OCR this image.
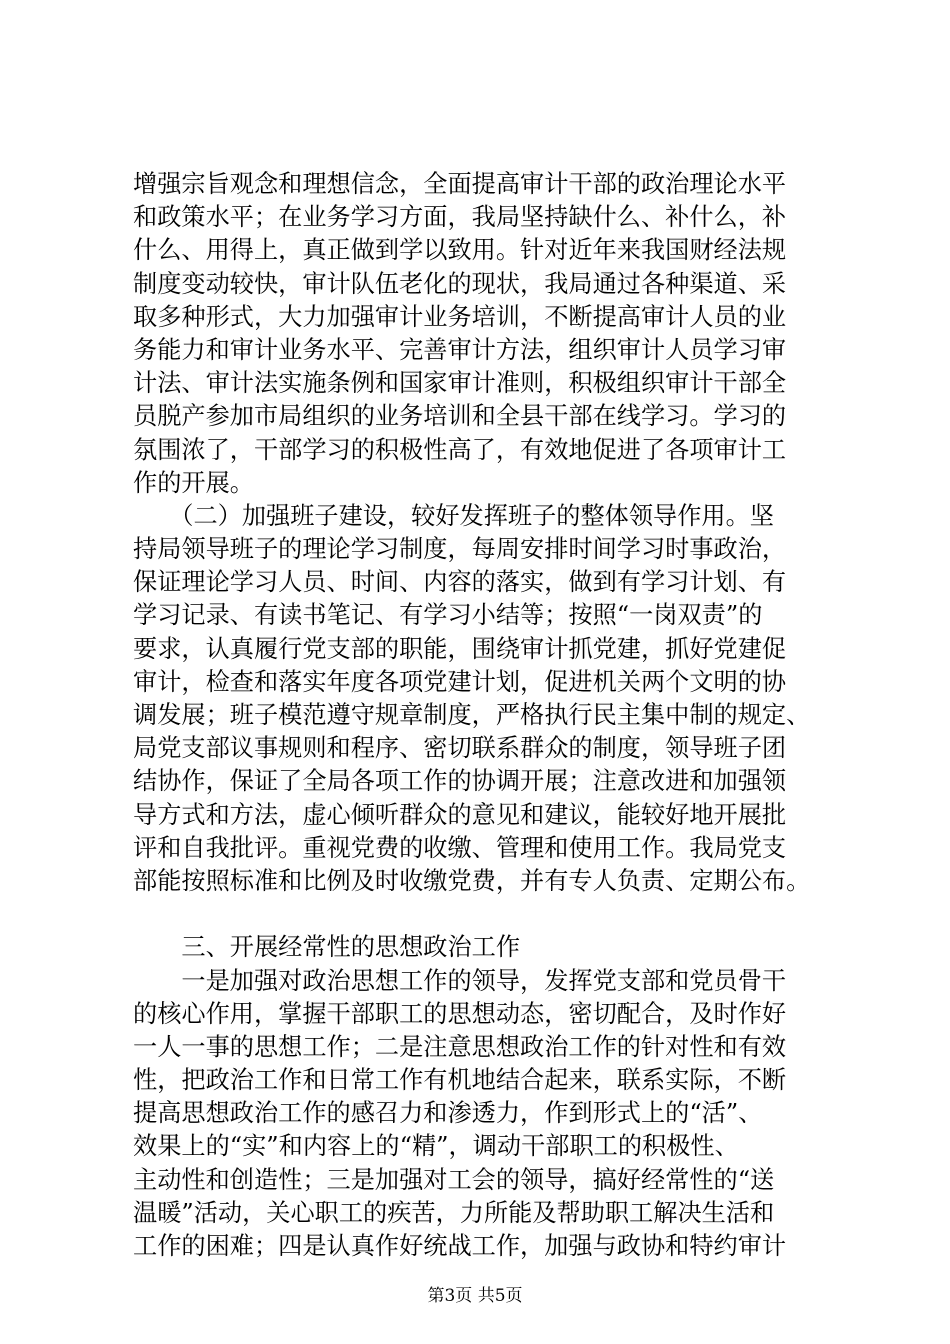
增强宗旨观念和理想信念，全面提高审计干部的政治理论水平
和政策水平；在业务学习方面，我局坚持缺什么、补什么，补
什么、用得上，真正做到学以致用。针对近年来我国财经法规
制度变动较快，审计队伍老化的现状，我局通过各种渠道、采
取多种形式，大力加强审计业务培训，不断提高审计人员的业
务能力和审计业务水平、完善审计方法，组织审计人员学习审
计法、审计法实施条例和国家审计准则，积极组织审计干部全
员脱产参加市局组织的业务培训和全县干部在线学习。学习的
氛围浓了，干部学习的积极性高了，有效地促进了各项审计工
作的开展。
　　（二）加强班子建设，较好发挥班子的整体领导作用。坚
持局领导班子的理论学习制度，每周安排时间学习时事政治，
保证理论学习人员、时间、内容的落实，做到有学习计划、有
学习记录、有读书笔记、有学习小结等；按照“一岗双责”的
要求，认真履行党支部的职能，围绕审计抓党建，抓好党建促
审计，检查和落实年度各项党建计划，促进机关两个文明的协
调发展；班子模范遵守规章制度，严格执行民主集中制的规定、
局党支部议事规则和程序、密切联系群众的制度，领导班子团
结协作，保证了全局各项工作的协调开展；注意改进和加强领
导方式和方法，虚心倾听群众的意见和建议，能较好地开展批
评和自我批评。重视党费的收缴、管理和使用工作。我局党支
部能按照标准和比例及时收缴党费，并有专人负责、定期公布。
　　三、开展经常性的思想政治工作
　　一是加强对政治思想工作的领导，发挥党支部和党员骨干
的核心作用，掌握干部职工的思想动态，密切配合，及时作好
一人一事的思想工作；二是注意思想政治工作的针对性和有效
性，把政治工作和日常工作有机地结合起来，联系实际，不断
提高思想政治工作的感召力和渗透力，作到形式上的“活”、
效果上的“实”和内容上的“精”，调动干部职工的积极性、
主动性和创造性；三是加强对工会的领导，搞好经常性的“送
温暖”活动，关心职工的疾苦，力所能及帮助职工解决生活和
工作的困难；四是认真作好统战工作，加强与政协和特约审计
第3页 共5页
